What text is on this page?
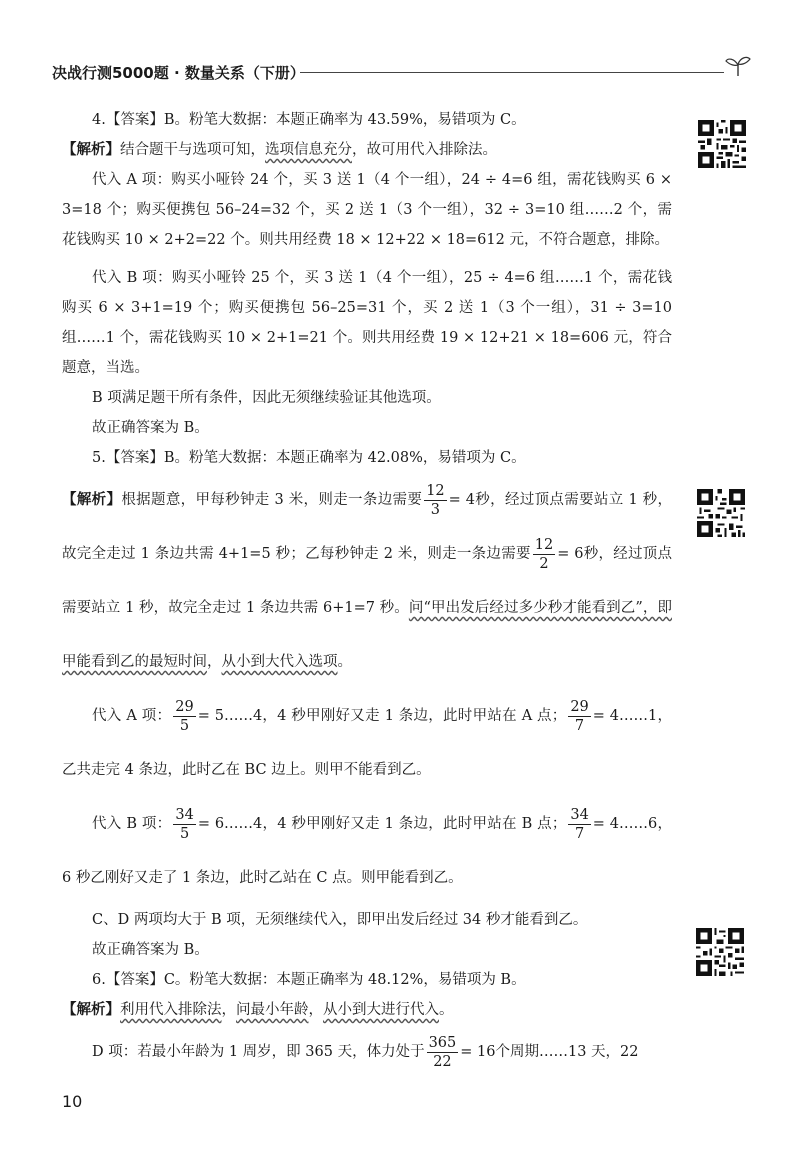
决战行测5000题 · 数量关系（下册）

4.【答案】B。粉笔大数据：本题正确率为 43.59%，易错项为 C。

【解析】结合题干与选项可知，选项信息充分，故可用代入排除法。

代入 A 项：购买小哑铃 24 个，买 3 送 1（4 个一组），24 ÷ 4=6 组，需花钱购买 6 × 3=18 个；购买便携包 56–24=32 个，买 2 送 1（3 个一组），32 ÷ 3=10 组……2 个，需花钱购买 10 × 2+2=22 个。则共用经费 18 × 12+22 × 18=612 元，不符合题意，排除。

代入 B 项：购买小哑铃 25 个，买 3 送 1（4 个一组），25 ÷ 4=6 组……1 个，需花钱购买 6 × 3+1=19 个；购买便携包 56–25=31 个，买 2 送 1（3 个一组），31 ÷ 3=10 组……1 个，需花钱购买 10 × 2+1=21 个。则共用经费 19 × 12+21 × 18=606 元，符合题意，当选。

B 项满足题干所有条件，因此无须继续验证其他选项。

故正确答案为 B。

5.【答案】B。粉笔大数据：本题正确率为 42.08%，易错项为 C。

【解析】根据题意，甲每秒钟走 3 米，则走一条边需要 $\frac{12}{3} = 4$秒，经过顶点需要站立 1 秒，故完全走过 1 条边共需 4+1=5 秒；乙每秒钟走 2 米，则走一条边需要 $\frac{12}{2} = 6$秒，经过顶点需要站立 1 秒，故完全走过 1 条边共需 6+1=7 秒。问“甲出发后经过多少秒才能看到乙”，即甲能看到乙的最短时间，从小到大代入选项。

代入 A 项： $\frac{29}{5}$ = 5……4，4 秒甲刚好又走 1 条边，此时甲站在 A 点； $\frac{29}{7}$ = 4……1，乙共走完 4 条边，此时乙在 BC 边上。则甲不能看到乙。

代入 B 项： $\frac{34}{5}$ = 6……4，4 秒甲刚好又走 1 条边，此时甲站在 B 点； $\frac{34}{7}$ = 4……6，6 秒乙刚好又走了 1 条边，此时乙站在 C 点。则甲能看到乙。

C、D 两项均大于 B 项，无须继续代入，即甲出发后经过 34 秒才能看到乙。

故正确答案为 B。

6.【答案】C。粉笔大数据：本题正确率为 48.12%，易错项为 B。

【解析】利用代入排除法，问最小年龄，从小到大进行代入。

D 项：若最小年龄为 1 周岁，即 365 天，体力处于 $\frac{365}{22} = 16$个周期……13 天，22

10
